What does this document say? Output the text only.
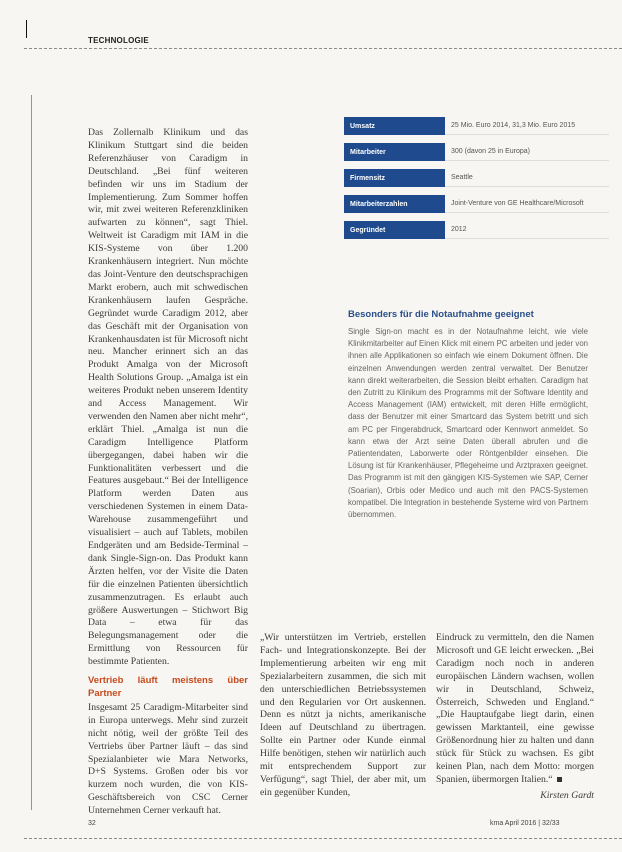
TECHNOLOGIE

Das Zollernalb Klinikum und das Klinikum Stuttgart sind die beiden Referenzhäuser von Caradigm in Deutschland. „Bei fünf weiteren befinden wir uns im Stadium der Implementierung. Zum Sommer hoffen wir, mit zwei weiteren Referenzkliniken aufwarten zu können“, sagt Thiel. Weltweit ist Caradigm mit IAM in die KIS-Systeme von über 1.200 Krankenhäusern integriert. Nun möchte das Joint-Venture den deutschsprachigen Markt erobern, auch mit schwedischen Krankenhäusern laufen Gespräche. Gegründet wurde Caradigm 2012, aber das Geschäft mit der Organisation von Krankenhausdaten ist für Microsoft nicht neu. Mancher erinnert sich an das Produkt Amalga von der Microsoft Health Solutions Group. „Amalga ist ein weiteres Produkt neben unserem Identity and Access Management. Wir verwenden den Namen aber nicht mehr“, erklärt Thiel. „Amalga ist nun die Caradigm Intelligence Platform übergegangen, dabei haben wir die Funktionalitäten verbessert und die Features ausgebaut.“ Bei der Intelligence Platform werden Daten aus verschiedenen Systemen in einem Data-Warehouse zusammengeführt und visualisiert – auch auf Tablets, mobilen Endgeräten und am Bedside-Terminal – dank Single-Sign-on. Das Produkt kann Ärzten helfen, vor der Visite die Daten für die einzelnen Patienten übersichtlich zusammenzutragen. Es erlaubt auch größere Auswertungen – Stichwort Big Data – etwa für das Belegungsmanagement oder die Ermittlung von Ressourcen für bestimmte Patienten.

Vertrieb läuft meistens über Partner

Insgesamt 25 Caradigm-Mitarbeiter sind in Europa unterwegs. Mehr sind zurzeit nicht nötig, weil der größte Teil des Vertriebs über Partner läuft – das sind Spezialanbieter wie Mara Networks, D+S Systems. Großen oder bis vor kurzem noch wurden, die von KIS-Geschäftsbereich von CSC Cerner Unternehmen Cerner verkauft hat.

Umsatz	25 Mio. Euro 2014, 31,3 Mio. Euro 2015
Mitarbeiter	300 (davon 25 in Europa)
Firmensitz	Seattle
Mitarbeiterzahlen	Joint-Venture von GE Healthcare/Microsoft
Gegründet	2012
Besonders für die Notaufnahme geeignet
Single Sign-on macht es in der Notaufnahme leicht, wie viele Klinikmitarbeiter auf Einen Klick mit einem PC arbeiten und jeder von ihnen alle Applikationen so einfach wie einem Dokument öffnen. Die einzelnen Anwendungen werden zentral verwaltet. Der Benutzer kann direkt weiterarbeiten, die Session bleibt erhalten. Caradigm hat den Zutritt zu Klinikum des Programms mit der Software Identity and Access Management (IAM) entwickelt, mit deren Hilfe ermöglicht, dass der Benutzer mit einer Smartcard das System betritt und sich am PC per Fingerabdruck, Smartcard oder Kennwort anmeldet. So kann etwa der Arzt seine Daten überall abrufen und die Patientendaten, Laborwerte oder Röntgenbilder einsehen. Die Lösung ist für Krankenhäuser, Pflegeheime und Arztpraxen geeignet. Das Programm ist mit den gängigen KIS-Systemen wie SAP, Cerner (Soarian), Orbis oder Medico und auch mit den PACS-Systemen kompatibel. Die Integration in bestehende Systeme wird von Partnern übernommen.

„Wir unterstützen im Vertrieb, erstellen Fach- und Integrationskonzepte. Bei der Implementierung arbeiten wir eng mit Spezialarbeitern zusammen, die sich mit den unterschiedlichen Betriebssystemen und den Regularien vor Ort auskennen. Denn es nützt ja nichts, amerikanische Ideen auf Deutschland zu übertragen. Sollte ein Partner oder Kunde einmal Hilfe benötigen, stehen wir natürlich auch mit entsprechendem Support zur Verfügung“, sagt Thiel, der aber mit, um ein gegenüber Kunden,

Eindruck zu vermitteln, den die Namen Microsoft und GE leicht erwecken. „Bei Caradigm noch noch in anderen europäischen Ländern wachsen, wollen wir in Deutschland, Schweiz, Österreich, Schweden und England.“ „Die Hauptaufgabe liegt darin, einen gewissen Marktanteil, eine gewisse Größenordnung hier zu halten und dann stück für Stück zu wachsen. Es gibt keinen Plan, nach dem Motto: morgen Spanien, übermorgen Italien.“

Kirsten Gardt
32	kma April 2016 | 32/33
